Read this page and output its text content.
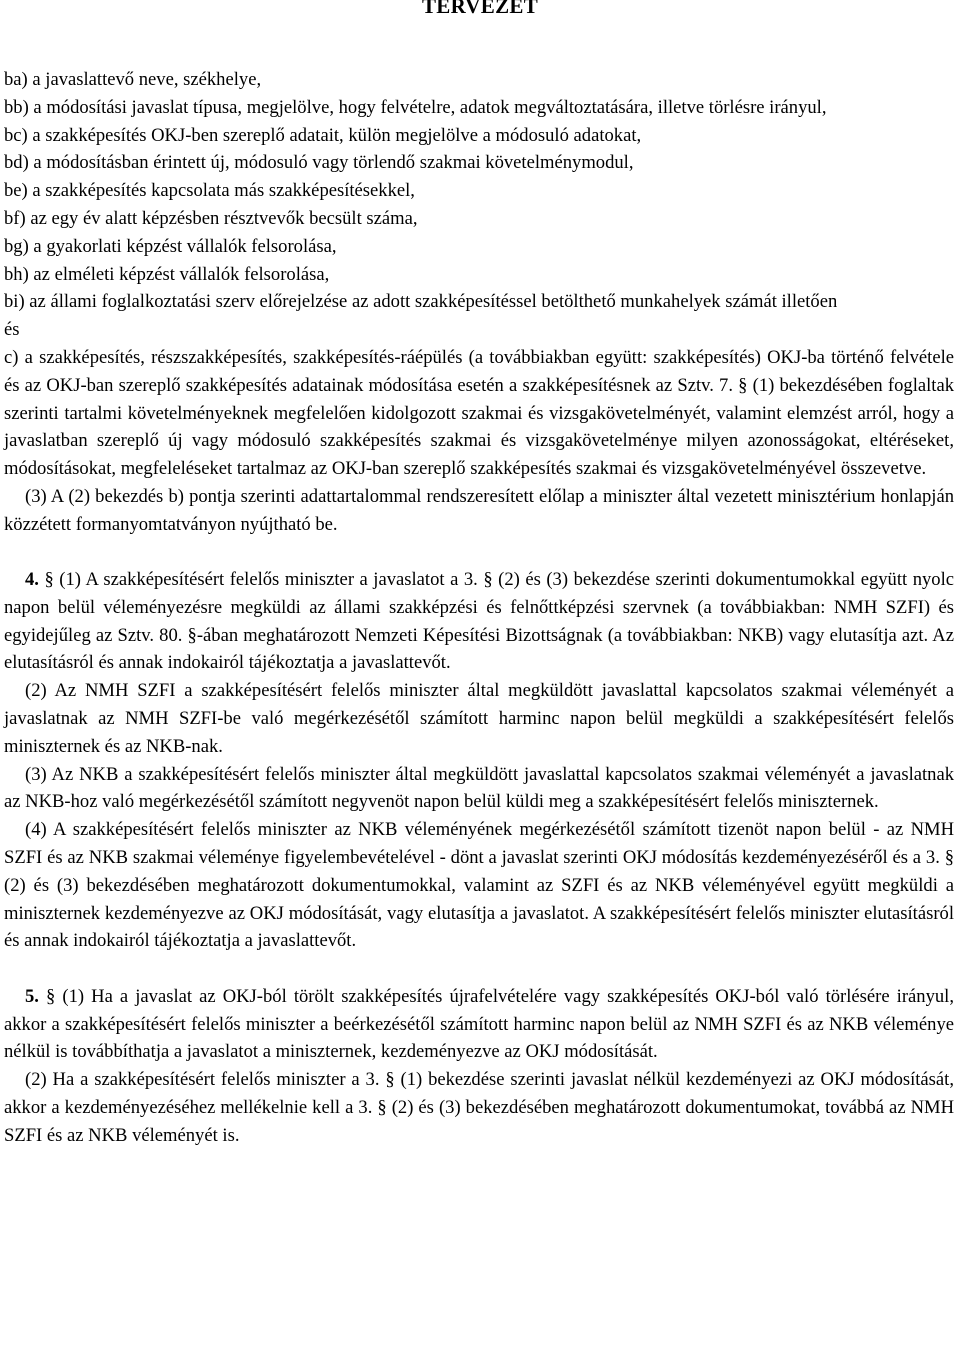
TERVEZET

ba) a javaslattevő neve, székhelye,

bb) a módosítási javaslat típusa, megjelölve, hogy felvételre, adatok megváltoztatására, illetve törlésre irányul,

bc) a szakképesítés OKJ-ben szereplő adatait, külön megjelölve a módosuló adatokat,

bd) a módosításban érintett új, módosuló vagy törlendő szakmai követelménymodul,

be) a szakképesítés kapcsolata más szakképesítésekkel,

bf) az egy év alatt képzésben résztvevők becsült száma,

bg) a gyakorlati képzést vállalók felsorolása,

bh) az elméleti képzést vállalók felsorolása,

bi) az állami foglalkoztatási szerv előrejelzése az adott szakképesítéssel betölthető munkahelyek számát illetően

és

c) a szakképesítés, részszakképesítés, szakképesítés-ráépülés (a továbbiakban együtt: szakképesítés) OKJ-ba történő felvétele és az OKJ-ban szereplő szakképesítés adatainak módosítása esetén a szakképesítésnek az Sztv. 7. § (1) bekezdésében foglaltak szerinti tartalmi követelményeknek megfelelően kidolgozott szakmai és vizsgakövetelményét, valamint elemzést arról, hogy a javaslatban szereplő új vagy módosuló szakképesítés szakmai és vizsgakövetelménye milyen azonosságokat, eltéréseket, módosításokat, megfeleléseket tartalmaz az OKJ-ban szereplő szakképesítés szakmai és vizsgakövetelményével összevetve.

(3) A (2) bekezdés b) pontja szerinti adattartalommal rendszeresített előlap a miniszter által vezetett minisztérium honlapján közzétett formanyomtatványon nyújtható be.

4. § (1) A szakképesítésért felelős miniszter a javaslatot a 3. § (2) és (3) bekezdése szerinti dokumentumokkal együtt nyolc napon belül véleményezésre megküldi az állami szakképzési és felnőttképzési szervnek (a továbbiakban: NMH SZFI) és egyidejűleg az Sztv. 80. §-ában meghatározott Nemzeti Képesítési Bizottságnak (a továbbiakban: NKB) vagy elutasítja azt. Az elutasításról és annak indokairól tájékoztatja a javaslattevőt.

(2) Az NMH SZFI a szakképesítésért felelős miniszter által megküldött javaslattal kapcsolatos szakmai véleményét a javaslatnak az NMH SZFI-be való megérkezésétől számított harminc napon belül megküldi a szakképesítésért felelős miniszternek és az NKB-nak.

(3) Az NKB a szakképesítésért felelős miniszter által megküldött javaslattal kapcsolatos szakmai véleményét a javaslatnak az NKB-hoz való megérkezésétől számított negyvenöt napon belül küldi meg a szakképesítésért felelős miniszternek.

(4) A szakképesítésért felelős miniszter az NKB véleményének megérkezésétől számított tizenöt napon belül - az NMH SZFI és az NKB szakmai véleménye figyelembevételével - dönt a javaslat szerinti OKJ módosítás kezdeményezéséről és a 3. § (2) és (3) bekezdésében meghatározott dokumentumokkal, valamint az SZFI és az NKB véleményével együtt megküldi a miniszternek kezdeményezve az OKJ módosítását, vagy elutasítja a javaslatot. A szakképesítésért felelős miniszter elutasításról és annak indokairól tájékoztatja a javaslattevőt.

5. § (1) Ha a javaslat az OKJ-ból törölt szakképesítés újrafelvételére vagy szakképesítés OKJ-ból való törlésére irányul, akkor a szakképesítésért felelős miniszter a beérkezésétől számított harminc napon belül az NMH SZFI és az NKB véleménye nélkül is továbbíthatja a javaslatot a miniszternek, kezdeményezve az OKJ módosítását.

(2) Ha a szakképesítésért felelős miniszter a 3. § (1) bekezdése szerinti javaslat nélkül kezdeményezi az OKJ módosítását, akkor a kezdeményezéséhez mellékelnie kell a 3. § (2) és (3) bekezdésében meghatározott dokumentumokat, továbbá az NMH SZFI és az NKB véleményét is.
